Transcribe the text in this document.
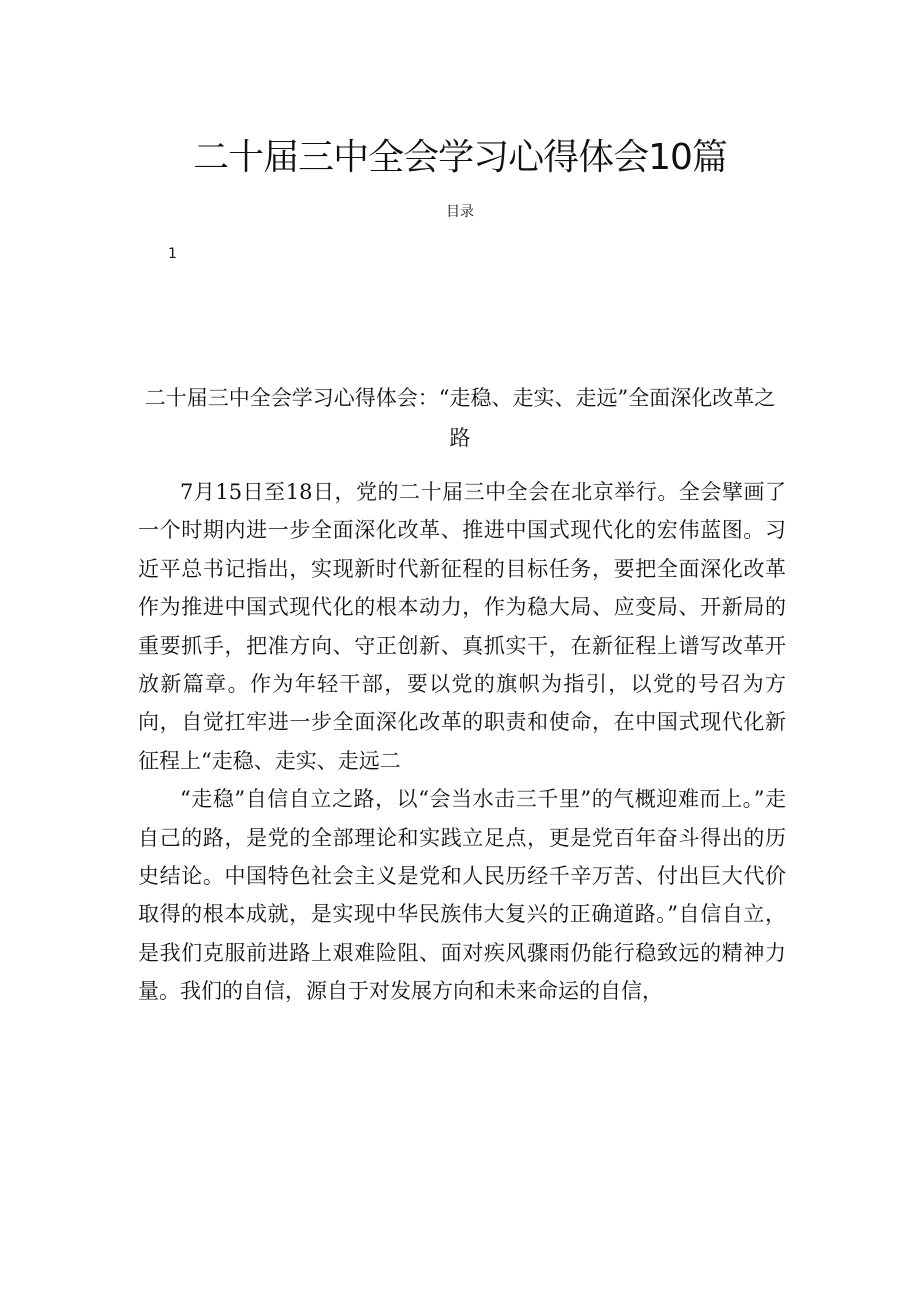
二十届三中全会学习心得体会10篇
目录
1
二十届三中全会学习心得体会：“走稳、走实、走远”全面深化改革之路

7月15日至18日，党的二十届三中全会在北京举行。全会擘画了一个时期内进一步全面深化改革、推进中国式现代化的宏伟蓝图。习近平总书记指出，实现新时代新征程的目标任务，要把全面深化改革作为推进中国式现代化的根本动力，作为稳大局、应变局、开新局的重要抓手，把准方向、守正创新、真抓实干，在新征程上谱写改革开放新篇章。作为年轻干部，要以党的旗帜为指引，以党的号召为方向，自觉扛牢进一步全面深化改革的职责和使命，在中国式现代化新征程上“走稳、走实、走远二

“走稳”自信自立之路，以“会当水击三千里”的气概迎难而上。”走自己的路，是党的全部理论和实践立足点，更是党百年奋斗得出的历史结论。中国特色社会主义是党和人民历经千辛万苦、付出巨大代价取得的根本成就，是实现中华民族伟大复兴的正确道路。”自信自立，是我们克服前进路上艰难险阻、面对疾风骤雨仍能行稳致远的精神力量。我们的自信，源自于对发展方向和未来命运的自信，
